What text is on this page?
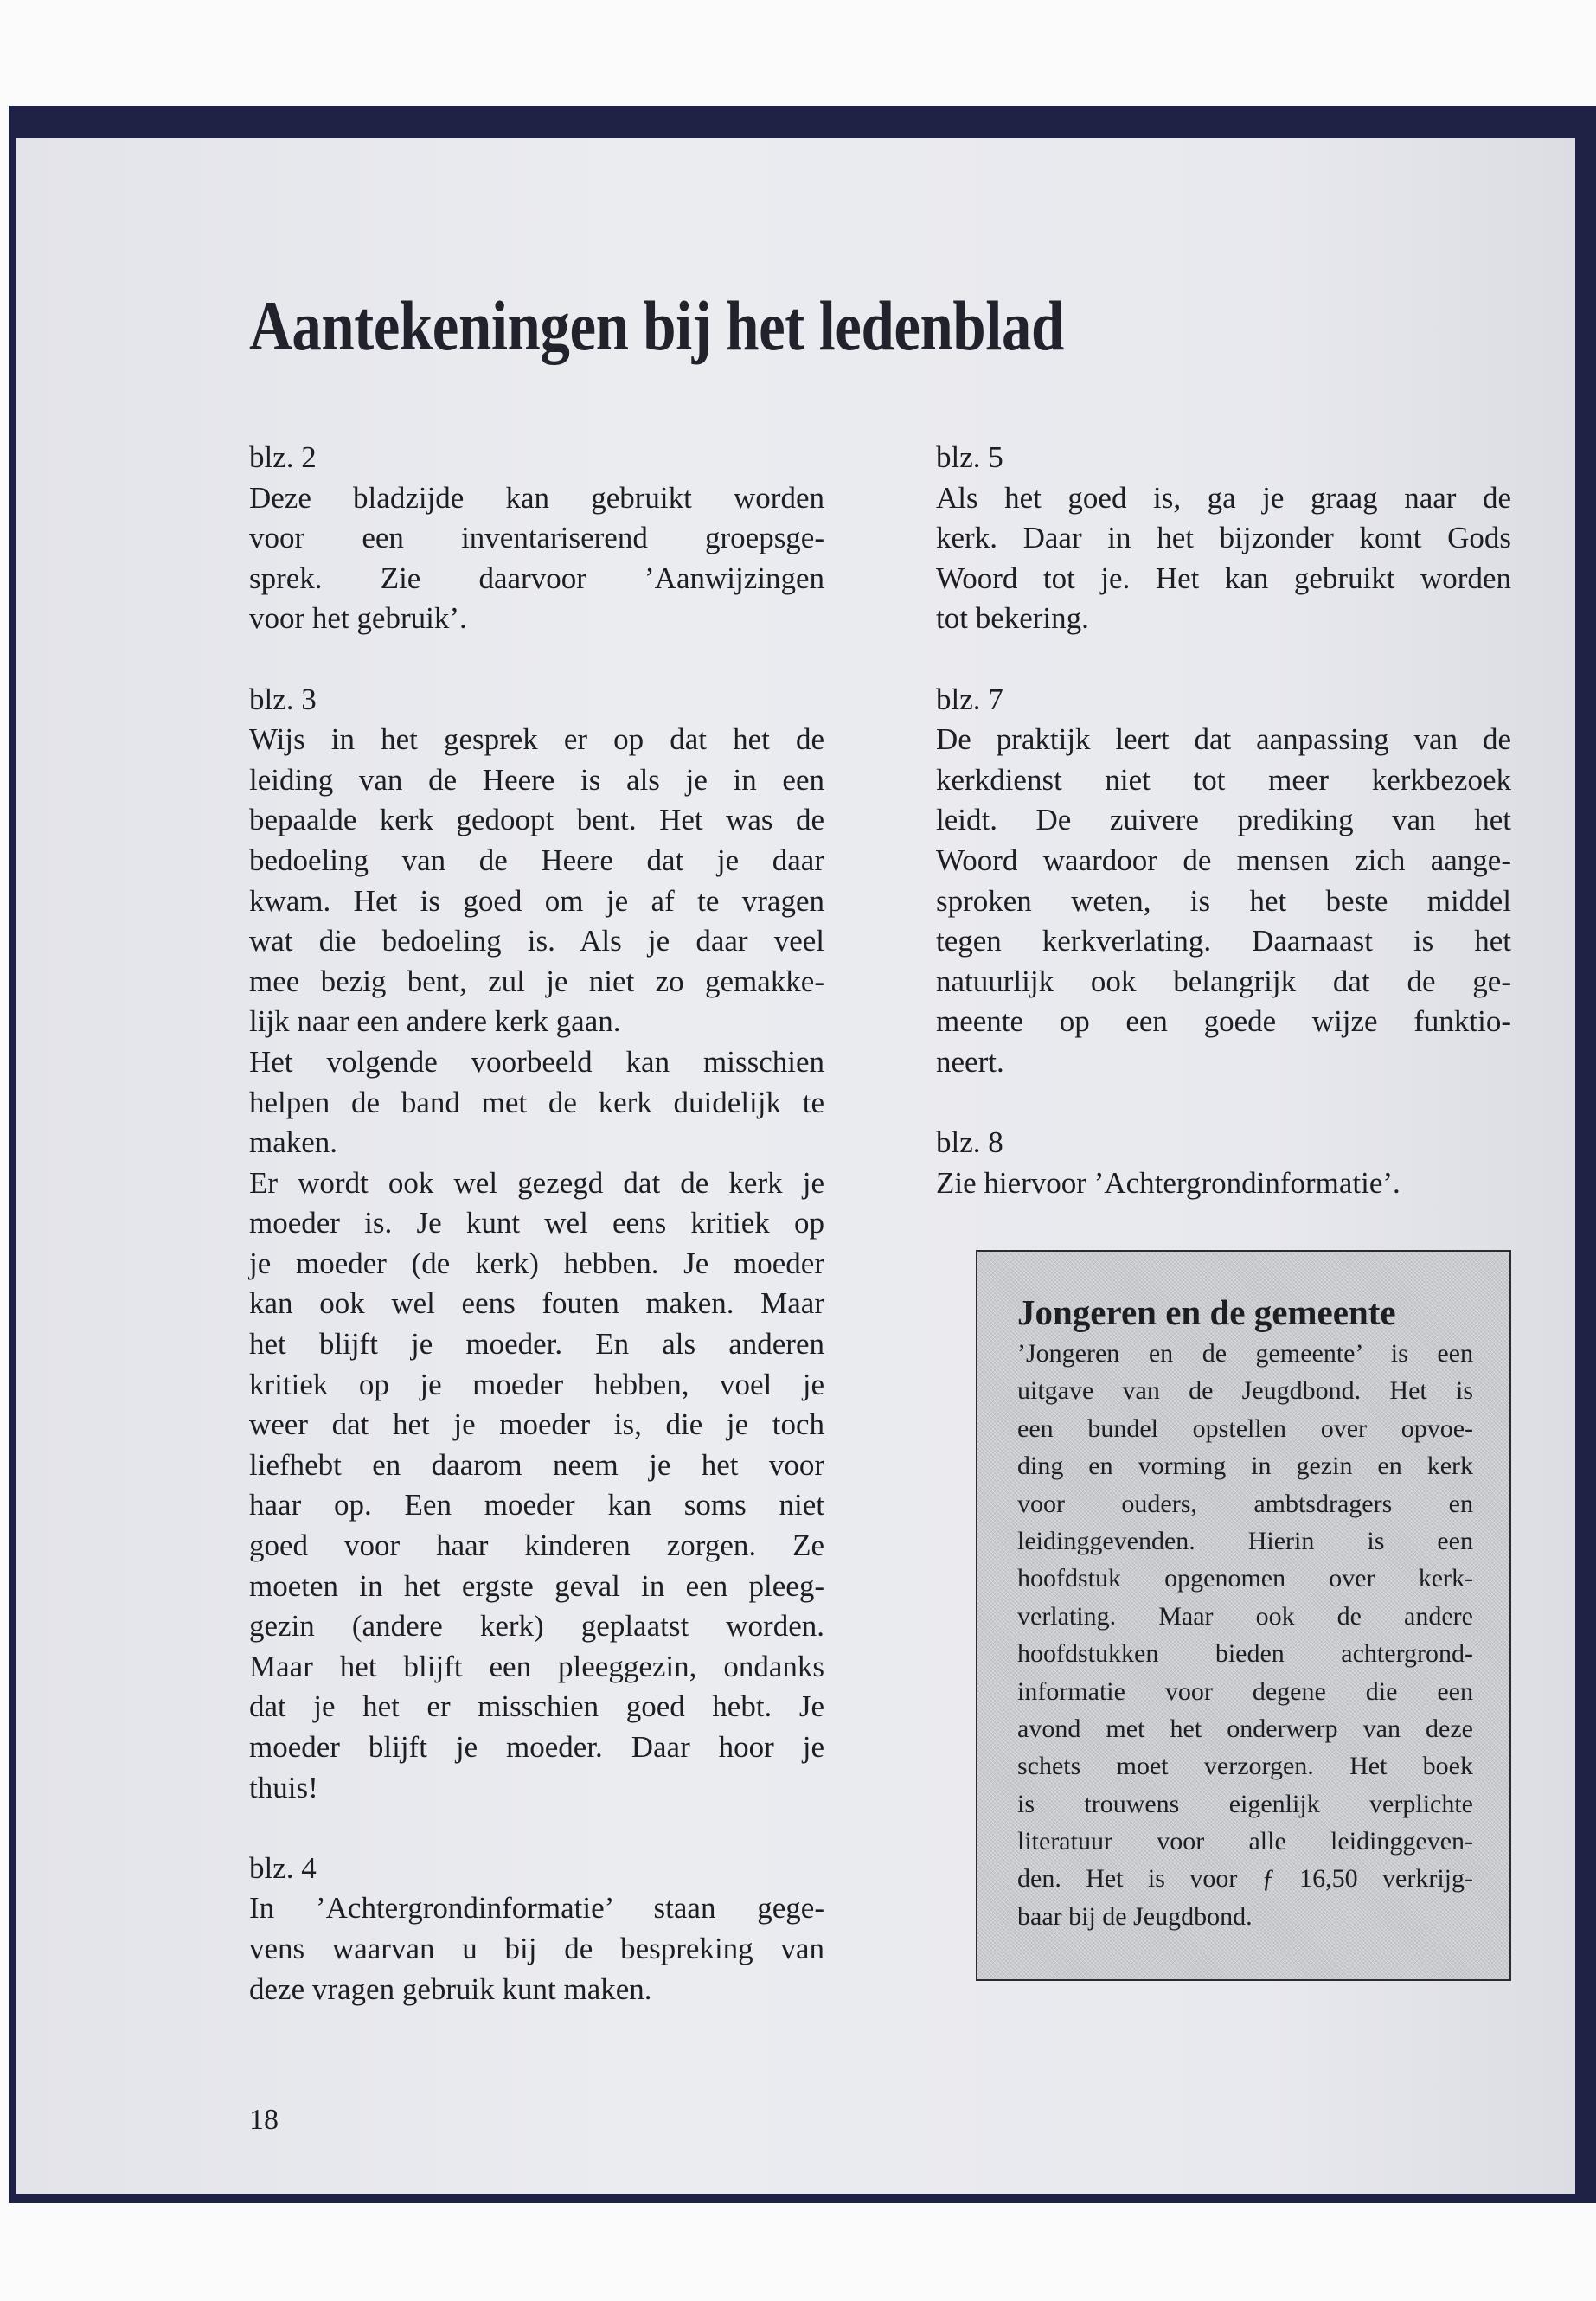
Aantekeningen bij het ledenblad
blz. 2
Deze bladzijde kan gebruikt worden
voor een inventariserend groepsge-
sprek. Zie daarvoor ’Aanwijzingen
voor het gebruik’.
blz. 3
Wijs in het gesprek er op dat het de
leiding van de Heere is als je in een
bepaalde kerk gedoopt bent. Het was de
bedoeling van de Heere dat je daar
kwam. Het is goed om je af te vragen
wat die bedoeling is. Als je daar veel
mee bezig bent, zul je niet zo gemakke-
lijk naar een andere kerk gaan.
Het volgende voorbeeld kan misschien
helpen de band met de kerk duidelijk te
maken.
Er wordt ook wel gezegd dat de kerk je
moeder is. Je kunt wel eens kritiek op
je moeder (de kerk) hebben. Je moeder
kan ook wel eens fouten maken. Maar
het blijft je moeder. En als anderen
kritiek op je moeder hebben, voel je
weer dat het je moeder is, die je toch
liefhebt en daarom neem je het voor
haar op. Een moeder kan soms niet
goed voor haar kinderen zorgen. Ze
moeten in het ergste geval in een pleeg-
gezin (andere kerk) geplaatst worden.
Maar het blijft een pleeggezin, ondanks
dat je het er misschien goed hebt. Je
moeder blijft je moeder. Daar hoor je
thuis!
blz. 4
In ’Achtergrondinformatie’ staan gege-
vens waarvan u bij de bespreking van
deze vragen gebruik kunt maken.
blz. 5
Als het goed is, ga je graag naar de
kerk. Daar in het bijzonder komt Gods
Woord tot je. Het kan gebruikt worden
tot bekering.
blz. 7
De praktijk leert dat aanpassing van de
kerkdienst niet tot meer kerkbezoek
leidt. De zuivere prediking van het
Woord waardoor de mensen zich aange-
sproken weten, is het beste middel
tegen kerkverlating. Daarnaast is het
natuurlijk ook belangrijk dat de ge-
meente op een goede wijze funktio-
neert.
blz. 8
Zie hiervoor ’Achtergrondinformatie’.
Jongeren en de gemeente
’Jongeren en de gemeente’ is een
uitgave van de Jeugdbond. Het is
een bundel opstellen over opvoe-
ding en vorming in gezin en kerk
voor ouders, ambtsdragers en
leidinggevenden. Hierin is een
hoofdstuk opgenomen over kerk-
verlating. Maar ook de andere
hoofdstukken bieden achtergrond-
informatie voor degene die een
avond met het onderwerp van deze
schets moet verzorgen. Het boek
is trouwens eigenlijk verplichte
literatuur voor alle leidinggeven-
den. Het is voor ƒ 16,50 verkrijg-
baar bij de Jeugdbond.
18
